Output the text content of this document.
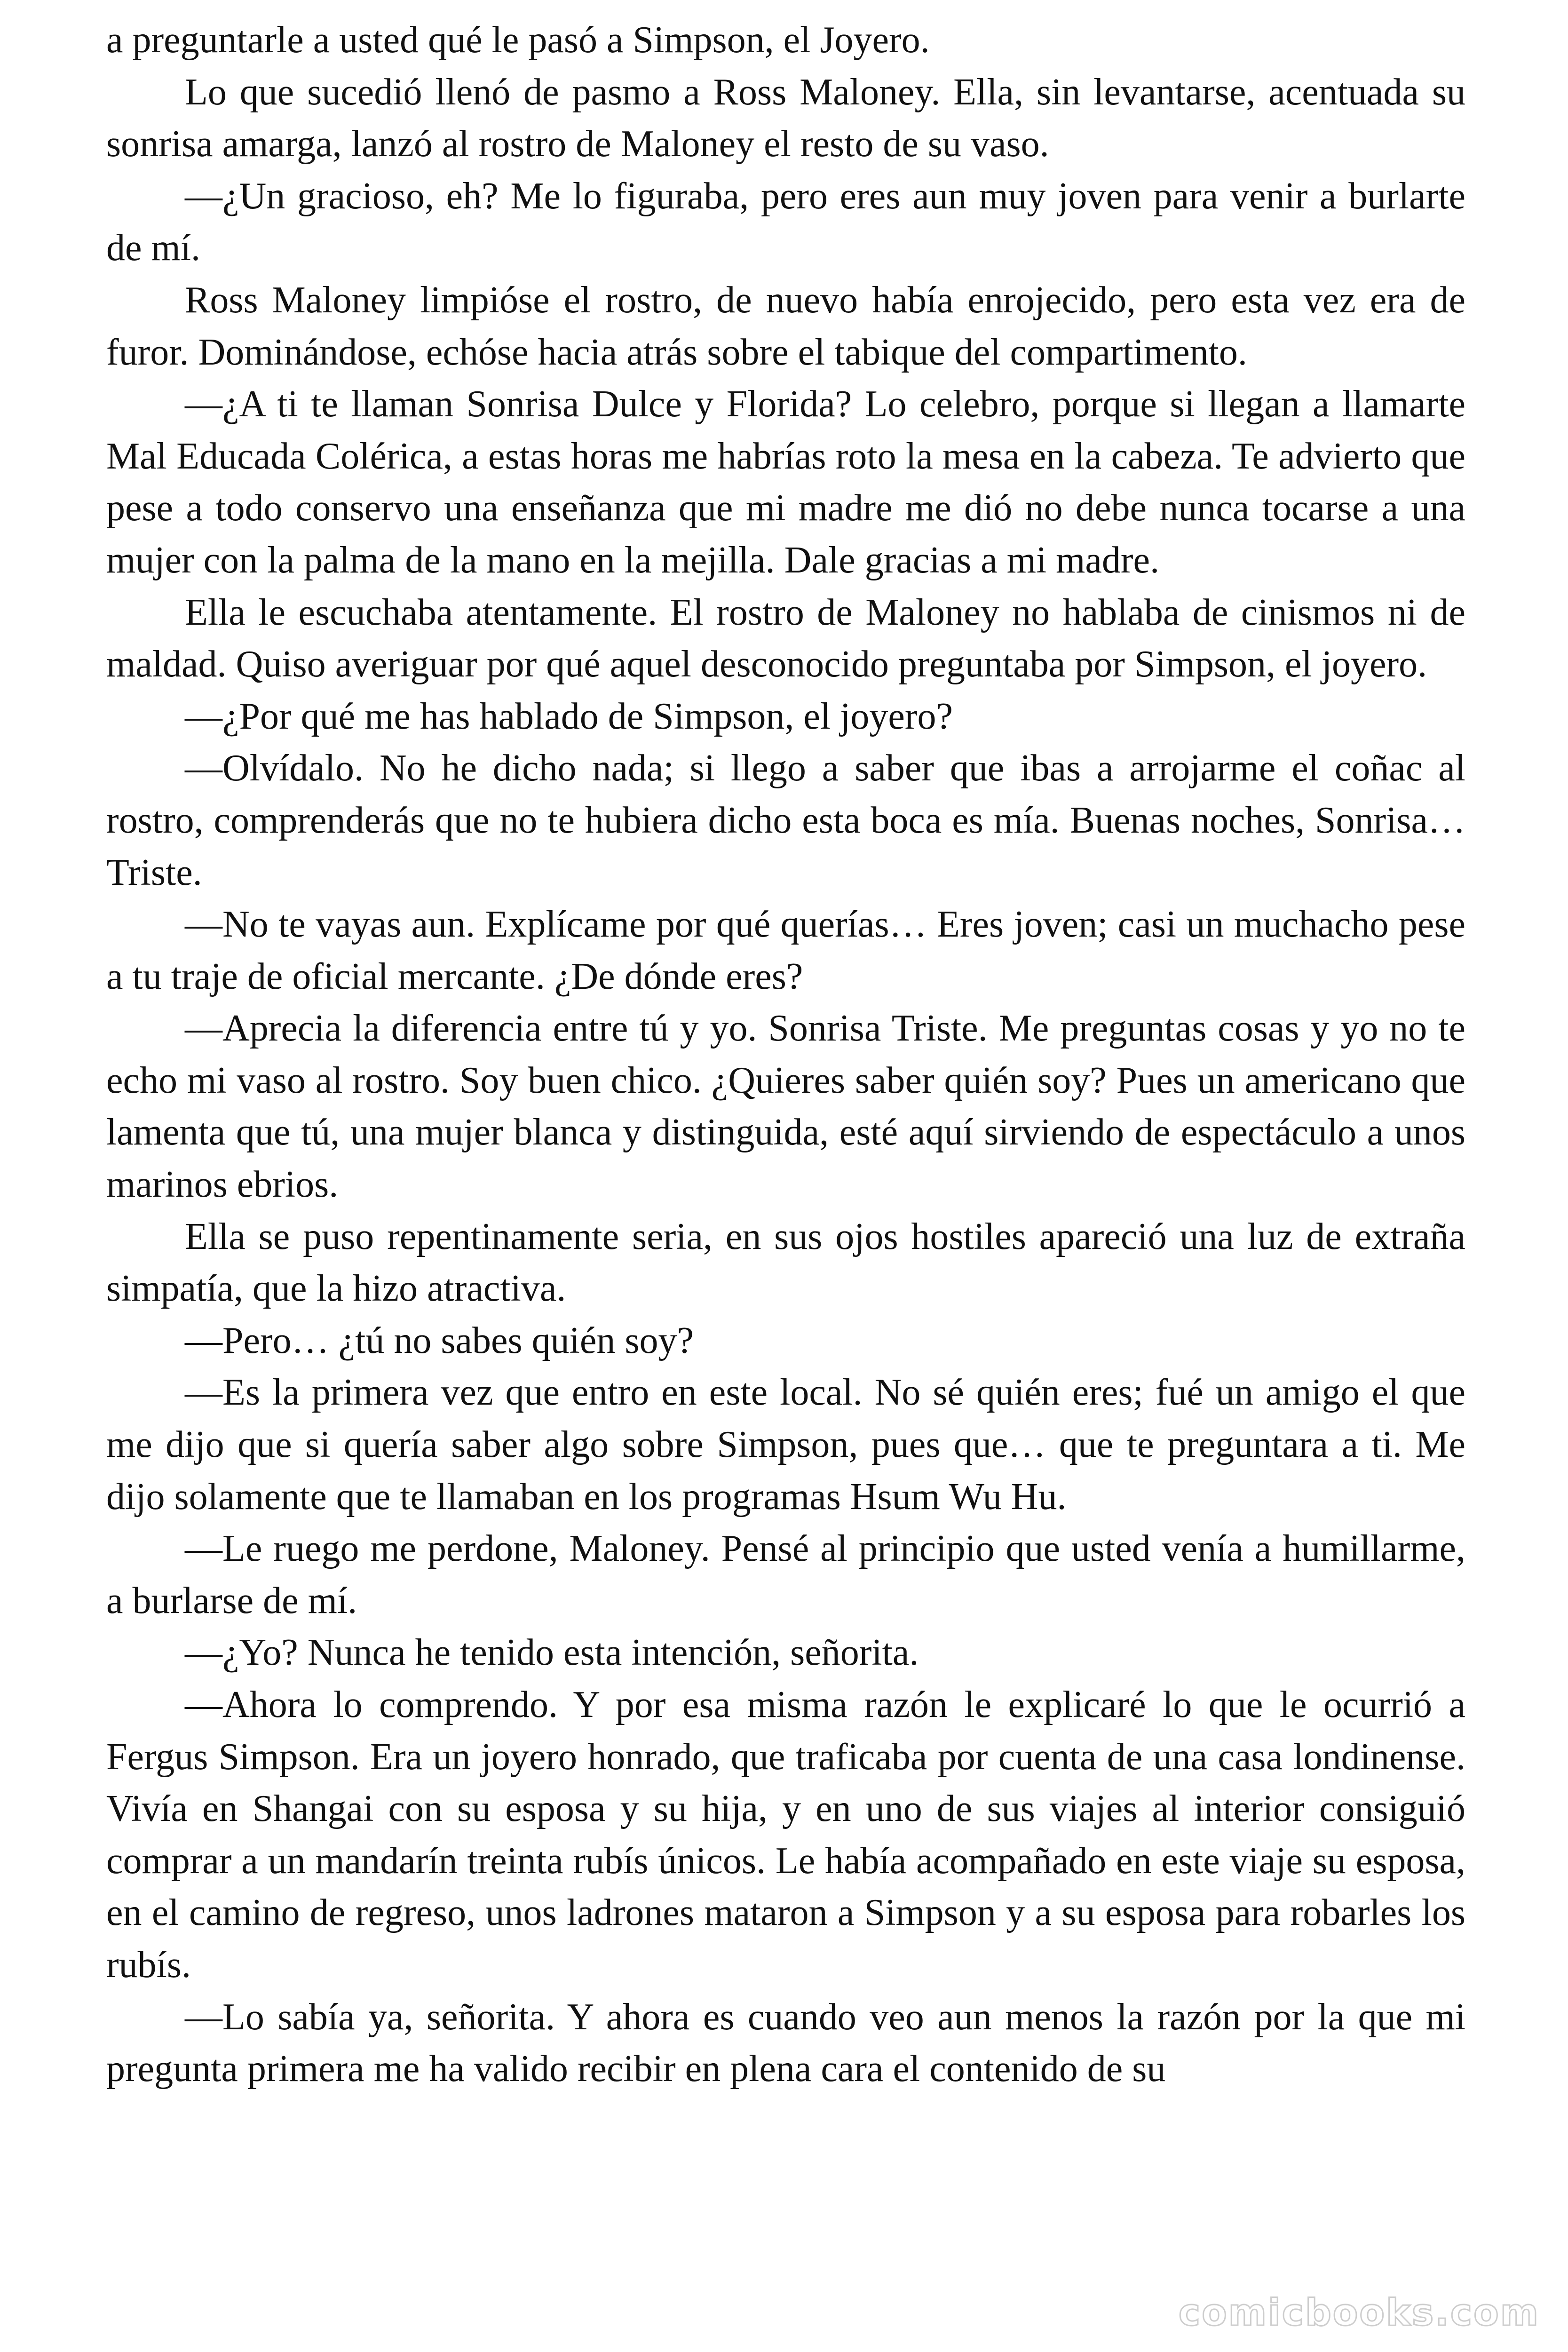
a preguntarle a usted qué le pasó a Simpson, el Joyero.

Lo que sucedió llenó de pasmo a Ross Maloney. Ella, sin levantarse, acentuada su sonrisa amarga, lanzó al rostro de Maloney el resto de su vaso.

—¿Un gracioso, eh? Me lo figuraba, pero eres aun muy joven para venir a burlarte de mí.

Ross Maloney limpióse el rostro, de nuevo había enrojecido, pero esta vez era de furor. Dominándose, echóse hacia atrás sobre el tabique del compartimento.

—¿A ti te llaman Sonrisa Dulce y Florida? Lo celebro, porque si llegan a llamarte Mal Educada Colérica, a estas horas me habrías roto la mesa en la cabeza. Te advierto que pese a todo conservo una enseñanza que mi madre me dió no debe nunca tocarse a una mujer con la palma de la mano en la mejilla. Dale gracias a mi madre.

Ella le escuchaba atentamente. El rostro de Maloney no hablaba de cinismos ni de maldad. Quiso averiguar por qué aquel desconocido preguntaba por Simpson, el joyero.

—¿Por qué me has hablado de Simpson, el joyero?

—Olvídalo. No he dicho nada; si llego a saber que ibas a arrojarme el coñac al rostro, comprenderás que no te hubiera dicho esta boca es mía. Buenas noches, Sonrisa… Triste.

—No te vayas aun. Explícame por qué querías… Eres joven; casi un muchacho pese a tu traje de oficial mercante. ¿De dónde eres?

—Aprecia la diferencia entre tú y yo. Sonrisa Triste. Me preguntas cosas y yo no te echo mi vaso al rostro. Soy buen chico. ¿Quieres saber quién soy? Pues un americano que lamenta que tú, una mujer blanca y distinguida, esté aquí sirviendo de espectáculo a unos marinos ebrios.

Ella se puso repentinamente seria, en sus ojos hostiles apareció una luz de extraña simpatía, que la hizo atractiva.

—Pero… ¿tú no sabes quién soy?

—Es la primera vez que entro en este local. No sé quién eres; fué un amigo el que me dijo que si quería saber algo sobre Simpson, pues que… que te preguntara a ti. Me dijo solamente que te llamaban en los programas Hsum Wu Hu.

—Le ruego me perdone, Maloney. Pensé al principio que usted venía a humillarme, a burlarse de mí.

—¿Yo? Nunca he tenido esta intención, señorita.

—Ahora lo comprendo. Y por esa misma razón le explicaré lo que le ocurrió a Fergus Simpson. Era un joyero honrado, que traficaba por cuenta de una casa londinense. Vivía en Shangai con su esposa y su hija, y en uno de sus viajes al interior consiguió comprar a un mandarín treinta rubís únicos. Le había acompañado en este viaje su esposa, en el camino de regreso, unos ladrones mataron a Simpson y a su esposa para robarles los rubís.

—Lo sabía ya, señorita. Y ahora es cuando veo aun menos la razón por la que mi pregunta primera me ha valido recibir en plena cara el contenido de su

comicbooks.com
